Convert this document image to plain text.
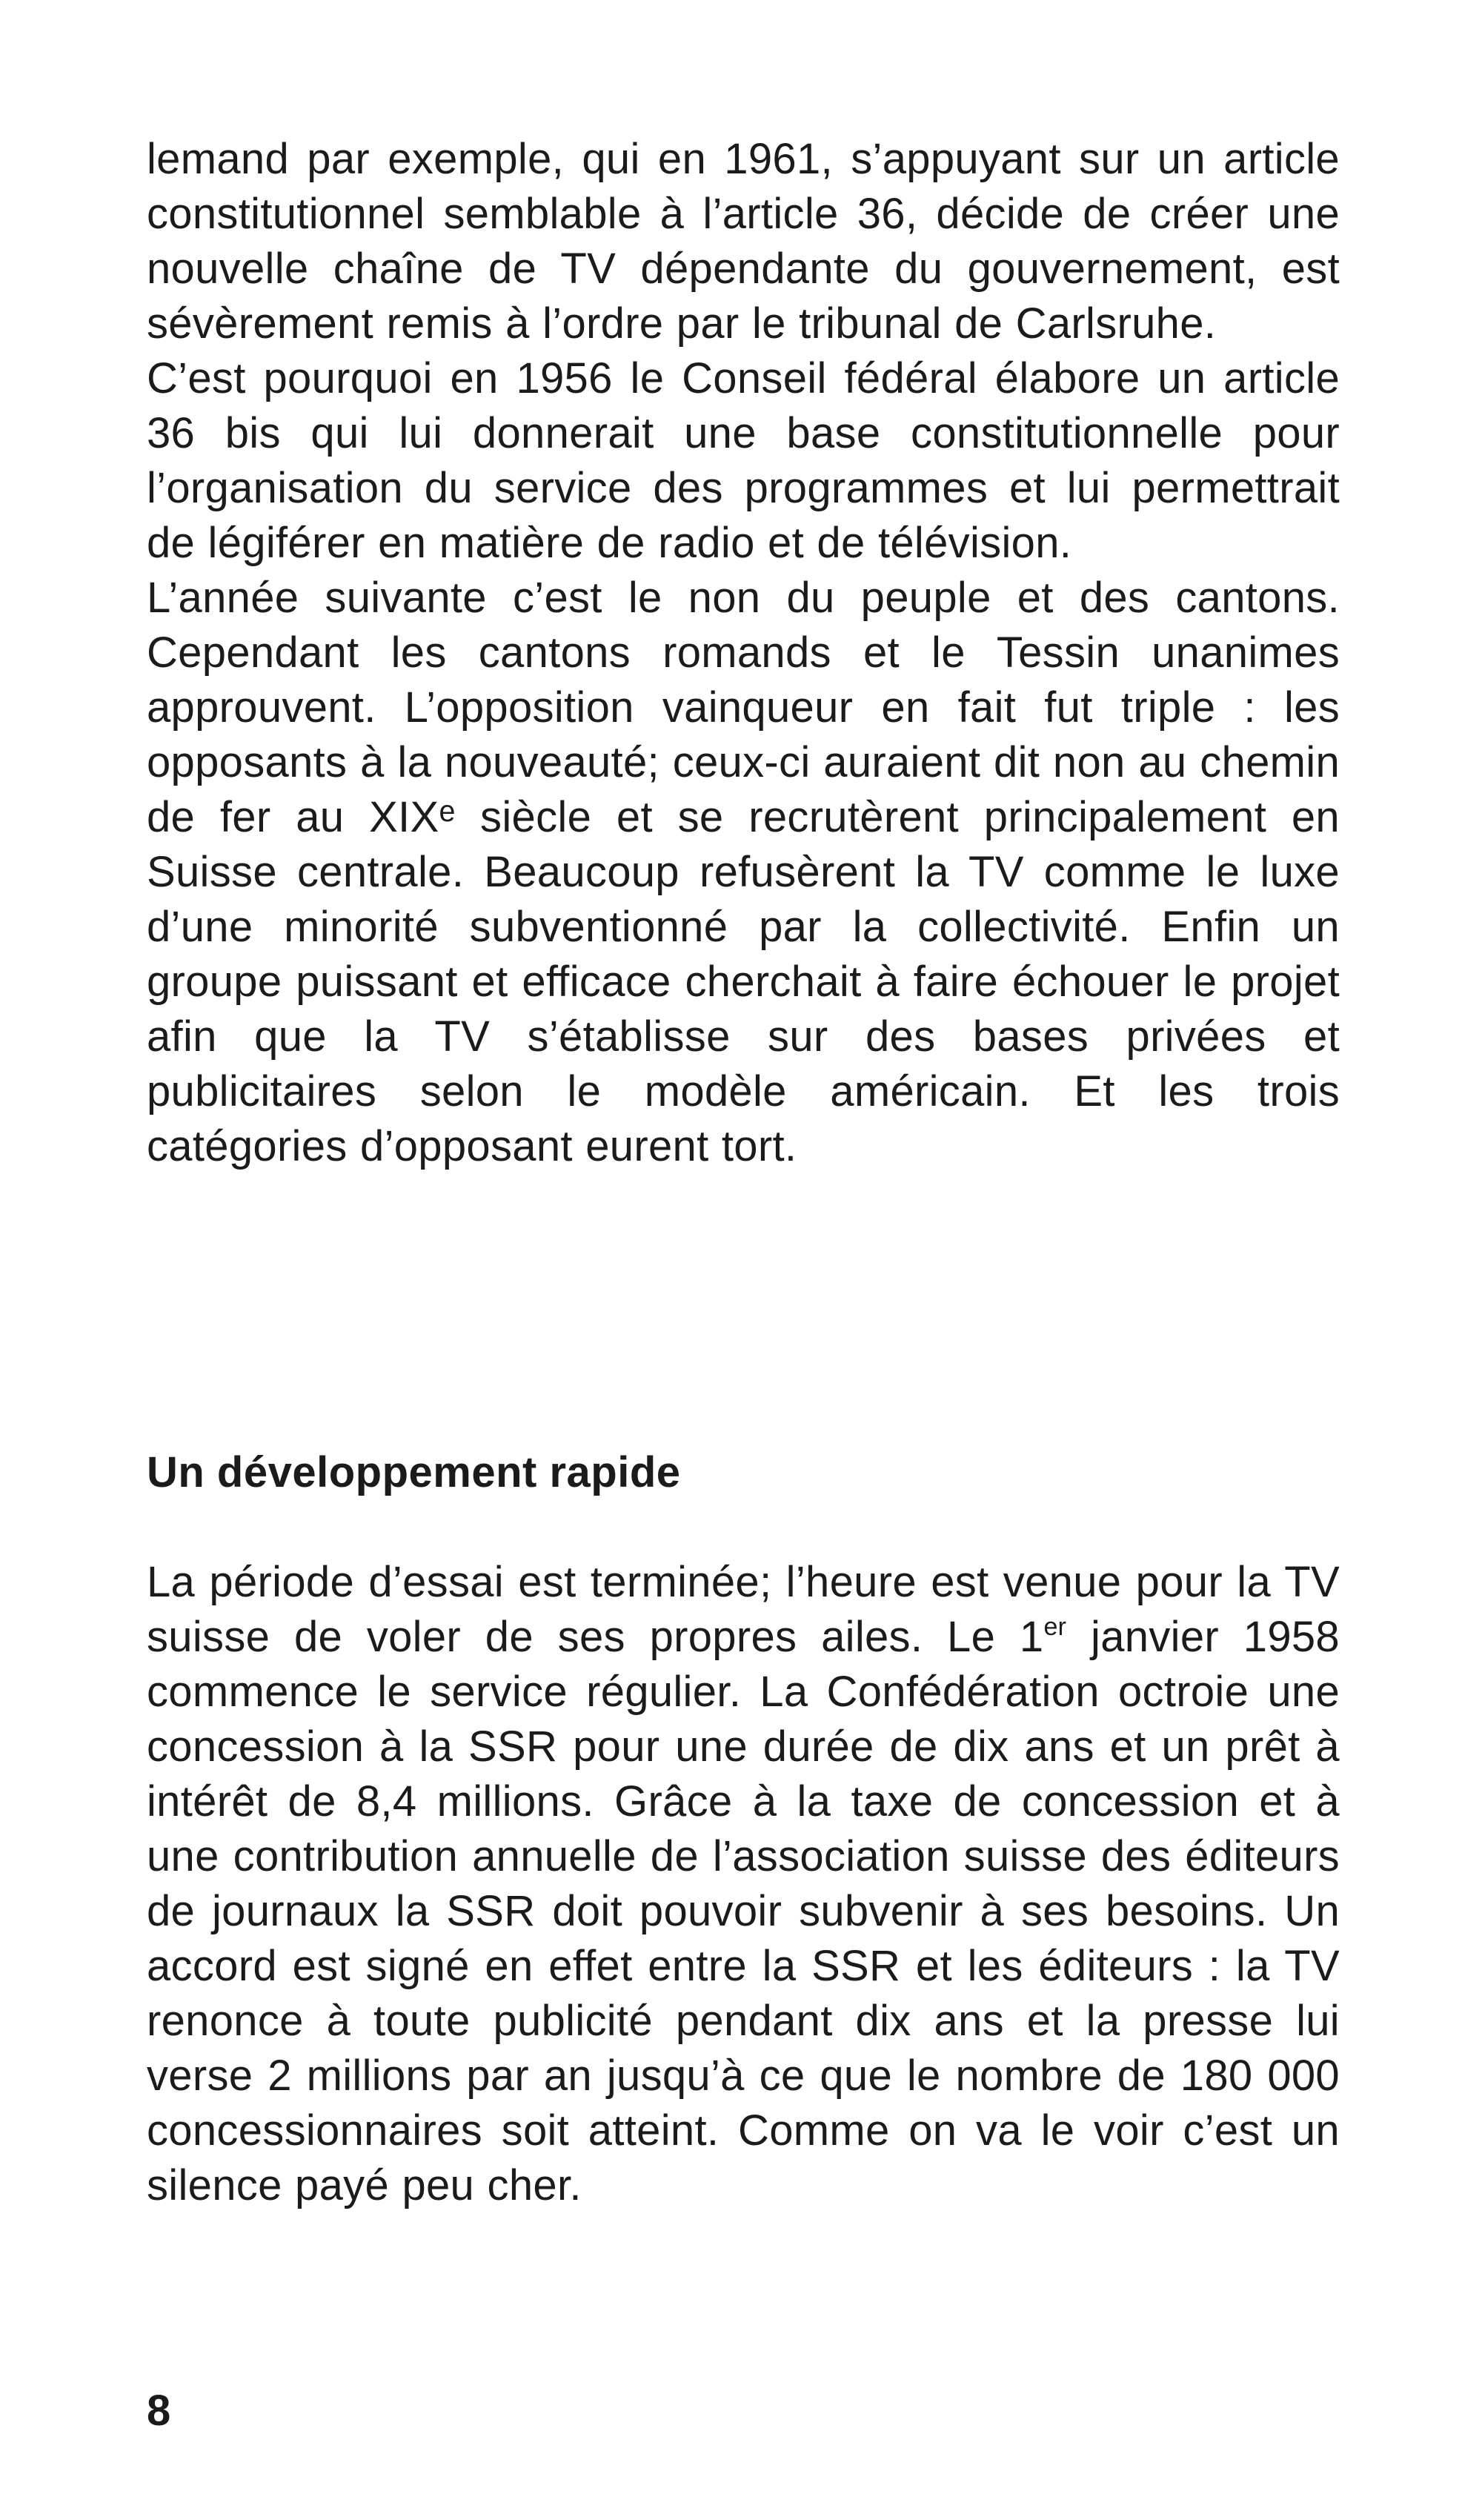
lemand par exemple, qui en 1961, s’appuyant sur un article constitutionnel semblable à l’article 36, décide de créer une nouvelle chaîne de TV dépendante du gouvernement, est sévèrement remis à l’ordre par le tribunal de Carlsruhe.

C’est pourquoi en 1956 le Conseil fédéral élabore un article 36 bis qui lui donnerait une base constitutionnelle pour l’organisation du service des programmes et lui permettrait de légiférer en matière de radio et de télévision.

L’année suivante c’est le non du peuple et des cantons. Cependant les cantons romands et le Tessin unanimes approuvent. L’opposition vainqueur en fait fut triple : les opposants à la nouveauté; ceux-ci auraient dit non au chemin de fer au XIXᵉ siècle et se recrutèrent principalement en Suisse centrale. Beaucoup refusèrent la TV comme le luxe d’une minorité subventionné par la collectivité. Enfin un groupe puissant et efficace cherchait à faire échouer le projet afin que la TV s’établisse sur des bases privées et publicitaires selon le modèle américain. Et les trois catégories d’opposant eurent tort.

Un développement rapide

La période d’essai est terminée; l’heure est venue pour la TV suisse de voler de ses propres ailes. Le 1er janvier 1958 commence le service régulier. La Confédération octroie une concession à la SSR pour une durée de dix ans et un prêt à intérêt de 8,4 millions. Grâce à la taxe de concession et à une contribution annuelle de l’association suisse des éditeurs de journaux la SSR doit pouvoir subvenir à ses besoins. Un accord est signé en effet entre la SSR et les éditeurs : la TV renonce à toute publicité pendant dix ans et la presse lui verse 2 millions par an jusqu’à ce que le nombre de 180 000 concessionnaires soit atteint. Comme on va le voir c’est un silence payé peu cher.

8
